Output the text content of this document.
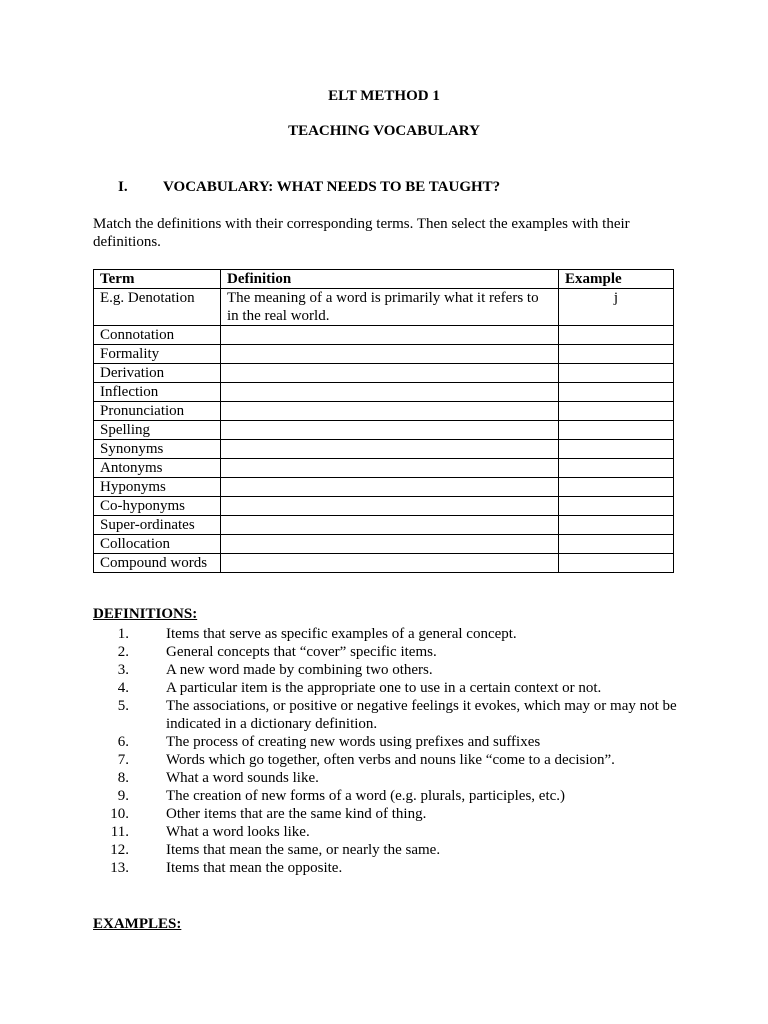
ELT METHOD 1
TEACHING VOCABULARY
I. VOCABULARY: WHAT NEEDS TO BE TAUGHT?
Match the definitions with their corresponding terms. Then select the examples with their definitions.
Term	Definition	Example
E.g. Denotation	The meaning of a word is primarily what it refers to in the real world.	j
Connotation		
Formality		
Derivation		
Inflection		
Pronunciation		
Spelling		
Synonyms		
Antonyms		
Hyponyms		
Co-hyponyms		
Super-ordinates		
Collocation		
Compound words		
DEFINITIONS:
1. Items that serve as specific examples of a general concept.
2. General concepts that “cover” specific items.
3. A new word made by combining two others.
4. A particular item is the appropriate one to use in a certain context or not.
5. The associations, or positive or negative feelings it evokes, which may or may not be indicated in a dictionary definition.
6. The process of creating new words using prefixes and suffixes
7. Words which go together, often verbs and nouns like “come to a decision”.
8. What a word sounds like.
9. The creation of new forms of a word (e.g. plurals, participles, etc.)
10. Other items that are the same kind of thing.
11. What a word looks like.
12. Items that mean the same, or nearly the same.
13. Items that mean the opposite.
EXAMPLES:
